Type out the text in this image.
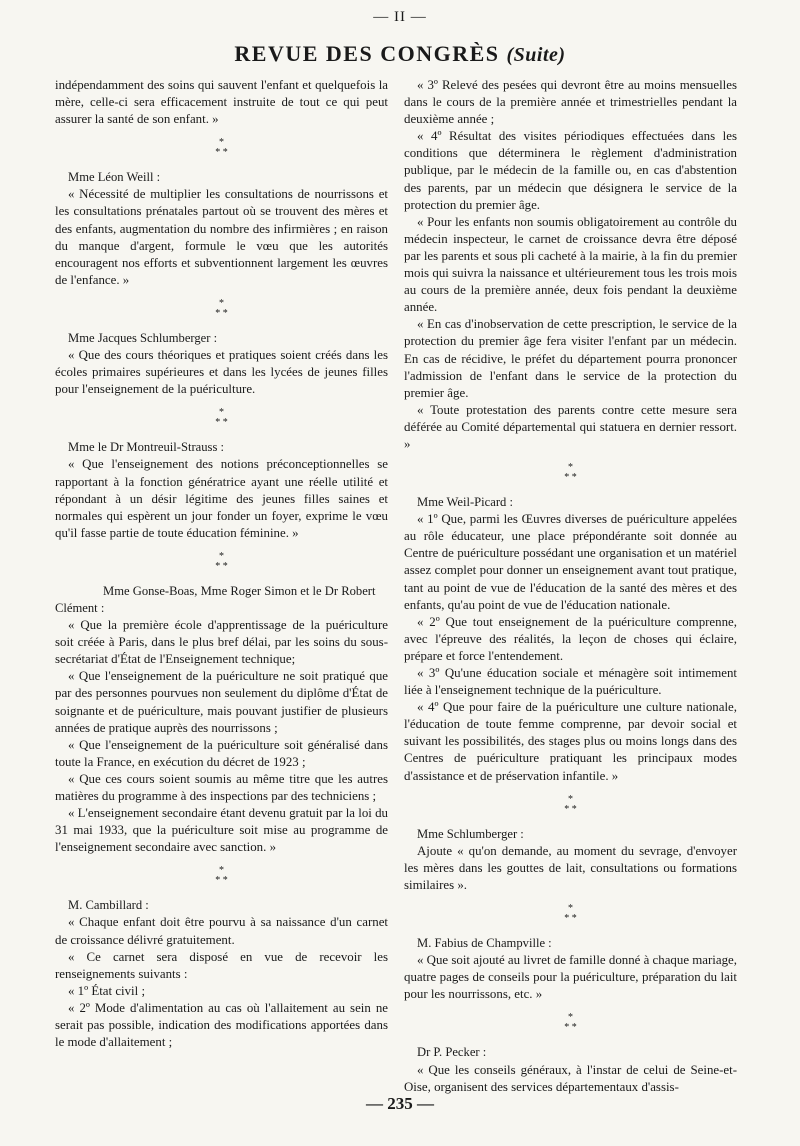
— II —
REVUE DES CONGRÈS (Suite)

indépendamment des soins qui sauvent l'enfant et quelquefois la mère, celle-ci sera efficacement instruite de tout ce qui peut assurer la santé de son enfant. »

*
* *

Mme Léon Weill :

« Nécessité de multiplier les consultations de nourrissons et les consultations prénatales partout où se trouvent des mères et des enfants, augmentation du nombre des infirmières ; en raison du manque d'argent, formule le vœu que les autorités encouragent nos efforts et subventionnent largement les œuvres de l'enfance. »

*
* *

Mme Jacques Schlumberger :

« Que des cours théoriques et pratiques soient créés dans les écoles primaires supérieures et dans les lycées de jeunes filles pour l'enseignement de la puériculture.

*
* *

Mme le Dr Montreuil-Strauss :

« Que l'enseignement des notions préconceptionnelles se rapportant à la fonction génératrice ayant une réelle utilité et répondant à un désir légitime des jeunes filles saines et normales qui espèrent un jour fonder un foyer, exprime le vœu qu'il fasse partie de toute éducation féminine. »

*
* *

Mme Gonse-Boas, Mme Roger Simon et le Dr Robert Clément :

« Que la première école d'apprentissage de la puériculture soit créée à Paris, dans le plus bref délai, par les soins du sous-secrétariat d'État de l'Enseignement technique;

« Que l'enseignement de la puériculture ne soit pratiqué que par des personnes pourvues non seulement du diplôme d'État de soignante et de puériculture, mais pouvant justifier de plusieurs années de pratique auprès des nourrissons ;

« Que l'enseignement de la puériculture soit généralisé dans toute la France, en exécution du décret de 1923 ;

« Que ces cours soient soumis au même titre que les autres matières du programme à des inspections par des techniciens ;

« L'enseignement secondaire étant devenu gratuit par la loi du 31 mai 1933, que la puériculture soit mise au programme de l'enseignement secondaire avec sanction. »

*
* *

M. Cambillard :

« Chaque enfant doit être pourvu à sa naissance d'un carnet de croissance délivré gratuitement.

« Ce carnet sera disposé en vue de recevoir les renseignements suivants :

« 1º État civil ;

« 2º Mode d'alimentation au cas où l'allaitement au sein ne serait pas possible, indication des modifications apportées dans le mode d'allaitement ;

« 3º Relevé des pesées qui devront être au moins mensuelles dans le cours de la première année et trimestrielles pendant la deuxième année ;

« 4º Résultat des visites périodiques effectuées dans les conditions que déterminera le règlement d'administration publique, par le médecin de la famille ou, en cas d'abstention des parents, par un médecin que désignera le service de la protection du premier âge.

« Pour les enfants non soumis obligatoirement au contrôle du médecin inspecteur, le carnet de croissance devra être déposé par les parents et sous pli cacheté à la mairie, à la fin du premier mois qui suivra la naissance et ultérieurement tous les trois mois au cours de la première année, deux fois pendant la deuxième année.

« En cas d'inobservation de cette prescription, le service de la protection du premier âge fera visiter l'enfant par un médecin. En cas de récidive, le préfet du département pourra prononcer l'admission de l'enfant dans le service de la protection du premier âge.

« Toute protestation des parents contre cette mesure sera déférée au Comité départemental qui statuera en dernier ressort. »

*
* *

Mme Weil-Picard :

« 1º Que, parmi les Œuvres diverses de puériculture appelées au rôle éducateur, une place prépondérante soit donnée au Centre de puériculture possédant une organisation et un matériel assez complet pour donner un enseignement avant tout pratique, tant au point de vue de l'éducation de la santé des mères et des enfants, qu'au point de vue de l'éducation nationale.

« 2º Que tout enseignement de la puériculture comprenne, avec l'épreuve des réalités, la leçon de choses qui éclaire, prépare et force l'entendement.

« 3º Qu'une éducation sociale et ménagère soit intimement liée à l'enseignement technique de la puériculture.

« 4º Que pour faire de la puériculture une culture nationale, l'éducation de toute femme comprenne, par devoir social et suivant les possibilités, des stages plus ou moins longs dans des Centres de puériculture pratiquant les principaux modes d'assistance et de préservation infantile. »

*
* *

Mme Schlumberger :

Ajoute « qu'on demande, au moment du sevrage, d'envoyer les mères dans les gouttes de lait, consultations ou formations similaires ».

*
* *

M. Fabius de Champville :

« Que soit ajouté au livret de famille donné à chaque mariage, quatre pages de conseils pour la puériculture, préparation du lait pour les nourrissons, etc. »

*
* *

Dr P. Pecker :

« Que les conseils généraux, à l'instar de celui de Seine-et-Oise, organisent des services départementaux d'assis-

— 235 —
